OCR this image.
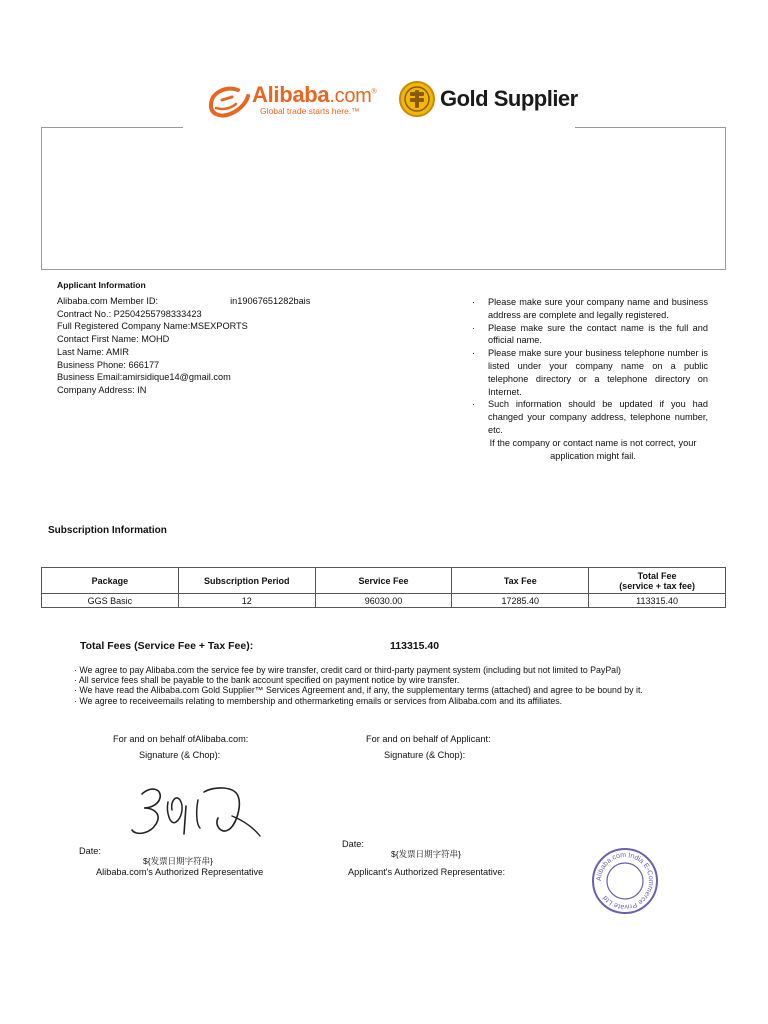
Alibaba.com®
Global trade starts here.™	Gold Supplier
Applicant Information
Alibaba.com Member ID:	in19067651282bais
Contract No.: P2504255798333423
Full Registered Company Name:MSEXPORTS
Contact First Name: MOHD
Last Name: AMIR
Business Phone: 666177
Business Email:amirsidique14@gmail.com
Company Address: IN
· Please make sure your company name and business address are complete and legally registered.
· Please make sure the contact name is the full and official name.
· Please make sure your business telephone number is listed under your company name on a public telephone directory or a telephone directory on Internet.
· Such information should be updated if you had changed your company address, telephone number, etc.
If the company or contact name is not correct, your application might fail.
Subscription Information
Package	Subscription Period	Service Fee	Tax Fee	Total Fee
(service + tax fee)

GGS Basic	12	96030.00	17285.40	113315.40
Total Fees (Service Fee + Tax Fee):	113315.40
· We agree to pay Alibaba.com the service fee by wire transfer, credit card or third-party payment system (including but not limited to PayPal)
· All service fees shall be payable to the bank account specified on payment notice by wire transfer.
· We have read the Alibaba.com Gold Supplier™ Services Agreement and, if any, the supplementary terms (attached) and agree to be bound by it.
· We agree to receiveemails relating to membership and othermarketing emails or services from Alibaba.com and its affiliates.
For and on behalf ofAlibaba.com:
Signature (& Chop):
For and on behalf of Applicant:
Signature (& Chop):
Date:
${发票日期字符串}
Alibaba.com's Authorized Representative
Date:
${发票日期字符串}
Applicant's Authorized Representative:
Alibaba.com India E-Commerce Private Ltd
